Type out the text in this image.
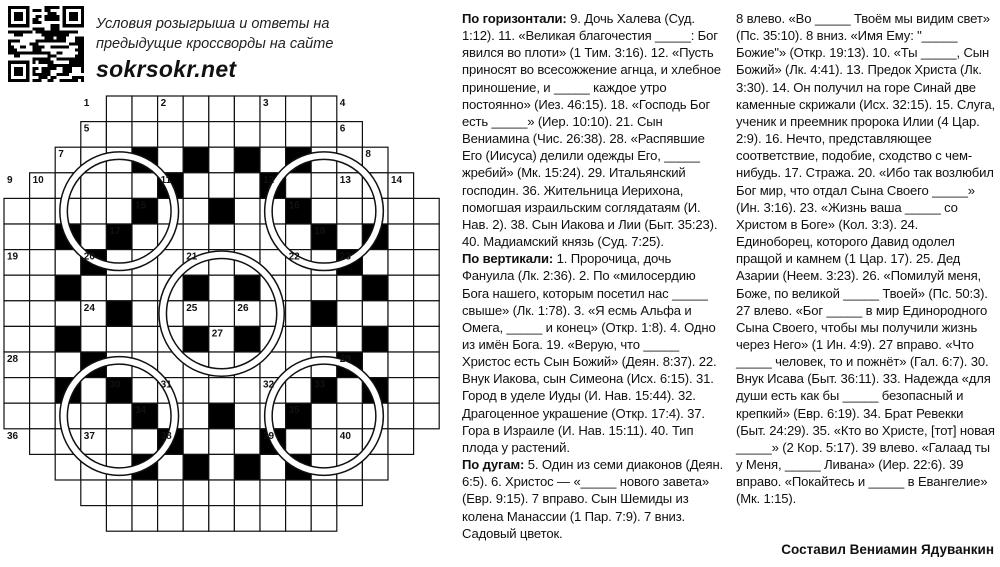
Условия розыгрыша и ответы на
предыдущие кроссворды на сайте
sokrsokr.net
1	2	3	4
5	6
7	8
9 10	11	12	13	14
15	16
17	18
19	20	21	22	23
24	25	26
27
28	29
30	31	32	33
34	35
36	37	38	39	40

По горизонтали: 9. Дочь Халева (Суд. 1:12). 11. «Великая благочестия _____: Бог явился во плоти» (1 Тим. 3:16). 12. «Пусть приносят во всесожжение агнца, и хлебное приношение, и _____ каждое утро постоянно» (Иез. 46:15). 18. «Господь Бог есть _____» (Иер. 10:10). 21. Сын Вениамина (Чис. 26:38). 28. «Распявшие Его (Иисуса) делили одежды Его, _____ жребий» (Мк. 15:24). 29. Итальянский господин. 36. Жительница Иерихона, помогшая израильским соглядатаям (И. Нав. 2). 38. Сын Иакова и Лии (Быт. 35:23). 40. Мадиамский князь (Суд. 7:25).

По вертикали: 1. Пророчица, дочь Фануила (Лк. 2:36). 2. По «милосердию Бога нашего, которым посетил нас _____ свыше» (Лк. 1:78). 3. «Я есмь Альфа и Омега, _____ и конец» (Откр. 1:8). 4. Одно из имён Бога. 19. «Верую, что _____ Христос есть Сын Божий» (Деян. 8:37). 22. Внук Иакова, сын Симеона (Исх. 6:15). 31. Город в уделе Иуды (И. Нав. 15:44). 32. Драгоценное украшение (Откр. 17:4). 37. Гора в Израиле (И. Нав. 15:11). 40. Тип плода у растений.

По дугам: 5. Один из семи диаконов (Деян. 6:5). 6. Христос — «_____ нового завета» (Евр. 9:15). 7 вправо. Сын Шемиды из колена Манассии (1 Пар. 7:9). 7 вниз. Садовый цветок.

8 влево. «Во _____ Твоём мы видим свет» (Пс. 35:10). 8 вниз. «Имя Ему: "_____ Божие"» (Откр. 19:13). 10. «Ты _____, Сын Божий» (Лк. 4:41). 13. Предок Христа (Лк. 3:30). 14. Он получил на горе Синай две каменные скрижали (Исх. 32:15). 15. Слуга, ученик и преемник пророка Илии (4 Цар. 2:9). 16. Нечто, представляющее соответствие, подобие, сходство с чем-нибудь. 17. Стража. 20. «Ибо так возлюбил Бог мир, что отдал Сына Своего _____» (Ин. 3:16). 23. «Жизнь ваша _____ со Христом в Боге» (Кол. 3:3). 24. Единоборец, которого Давид одолел пращой и камнем (1 Цар. 17). 25. Дед Азарии (Неем. 3:23). 26. «Помилуй меня, Боже, по великой _____ Твоей» (Пс. 50:3). 27 влево. «Бог _____ в мир Единородного Сына Своего, чтобы мы получили жизнь через Него» (1 Ин. 4:9). 27 вправо. «Что _____ человек, то и пожнёт» (Гал. 6:7). 30. Внук Исава (Быт. 36:11). 33. Надежда «для души есть как бы _____ безопасный и крепкий» (Евр. 6:19). 34. Брат Ревекки (Быт. 24:29). 35. «Кто во Христе, [тот] новая _____» (2 Кор. 5:17). 39 влево. «Галаад ты у Меня, _____ Ливана» (Иер. 22:6). 39 вправо. «Покайтесь и _____ в Евангелие» (Мк. 1:15).

Составил Вениамин Ядуванкин
